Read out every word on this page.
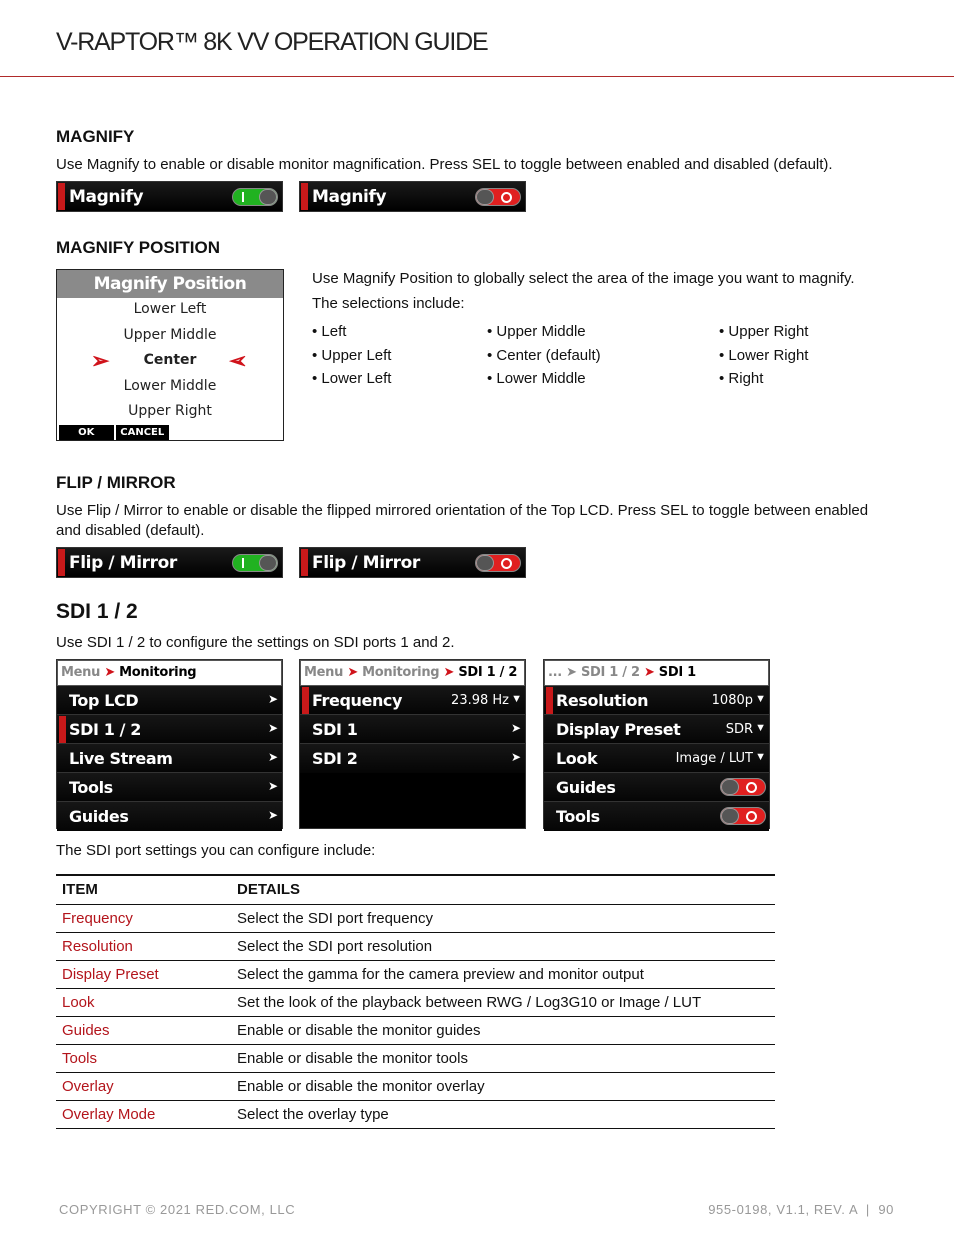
V-RAPTOR™ 8K VV OPERATION GUIDE
MAGNIFY
Use Magnify to enable or disable monitor magnification. Press SEL to toggle between enabled and disabled (default).
Magnify	Magnify
MAGNIFY POSITION
Magnify Position
Lower Left
Upper Middle
Center
Lower Middle
Upper Right
➢	➢
OK	CANCEL
Use Magnify Position to globally select the area of the image you want to magnify.
The selections include:
• Left
• Upper Left
• Lower Left
• Upper Middle
• Center (default)
• Lower Middle
• Upper Right
• Lower Right
• Right
FLIP / MIRROR
Use Flip / Mirror to enable or disable the flipped mirrored orientation of the Top LCD. Press SEL to toggle between enabled and disabled (default).
Flip / Mirror	Flip / Mirror
SDI 1 / 2
Use SDI 1 / 2 to configure the settings on SDI ports 1 and 2.
Menu ➤ Monitoring
Top LCD	➤
SDI 1 / 2	➤
Live Stream	➤
Tools	➤
Guides	➤
Menu ➤ Monitoring ➤ SDI 1 / 2
Frequency	23.98 Hz ▼
SDI 1	➤
SDI 2	➤
... ➤ SDI 1 / 2 ➤ SDI 1
Resolution	1080p ▼
Display Preset	SDR ▼
Look	Image / LUT ▼
Guides
Tools
The SDI port settings you can configure include:
ITEM	DETAILS
Frequency	Select the SDI port frequency
Resolution	Select the SDI port resolution
Display Preset	Select the gamma for the camera preview and monitor output
Look	Set the look of the playback between RWG / Log3G10 or Image / LUT
Guides	Enable or disable the monitor guides
Tools	Enable or disable the monitor tools
Overlay	Enable or disable the monitor overlay
Overlay Mode	Select the overlay type
COPYRIGHT © 2021 RED.COM, LLC	955-0198, V1.1, REV. A  |  90
